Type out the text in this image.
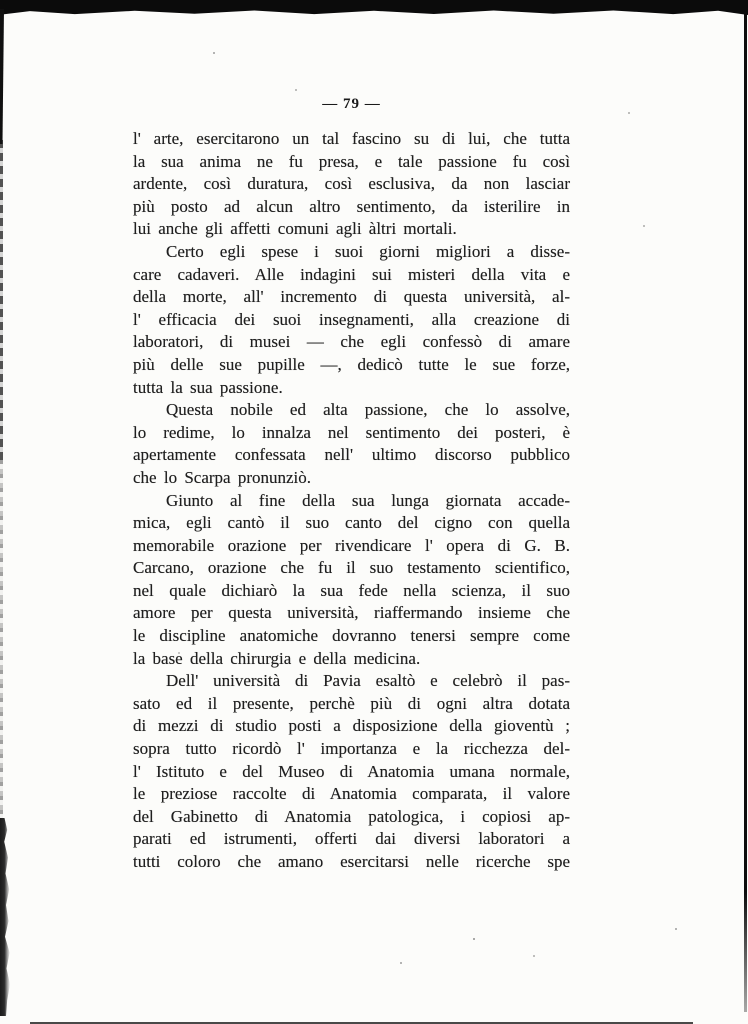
— 79 —
l' arte, esercitarono un tal fascino su di lui, che tutta
la sua anima ne fu presa, e tale passione fu così
ardente, così duratura, così esclusiva, da non lasciar
più posto ad alcun altro sentimento, da isterilire in
lui anche gli affetti comuni agli àltri mortali.
Certo egli spese i suoi giorni migliori a disse-
care cadaveri. Alle indagini sui misteri della vita e
della morte, all' incremento di questa università, al-
l' efficacia dei suoi insegnamenti, alla creazione di
laboratori, di musei — che egli confessò di amare
più delle sue pupille —, dedicò tutte le sue forze,
tutta la sua passione.
Questa nobile ed alta passione, che lo assolve,
lo redime, lo innalza nel sentimento dei posteri, è
apertamente confessata nell' ultimo discorso pubblico
che lo Scarpa pronunziò.
Giunto al fine della sua lunga giornata accade-
mica, egli cantò il suo canto del cigno con quella
memorabile orazione per rivendicare l' opera di G. B.
Carcano, orazione che fu il suo testamento scientifico,
nel quale dichiarò la sua fede nella scienza, il suo
amore per questa università, riaffermando insieme che
le discipline anatomiche dovranno tenersi sempre come
la base della chirurgia e della medicina.
Dell' università di Pavia esaltò e celebrò il pas-
sato ed il presente, perchè più di ogni altra dotata
di mezzi di studio posti a disposizione della gioventù ;
sopra tutto ricordò l' importanza e la ricchezza del-
l' Istituto e del Museo di Anatomia umana normale,
le preziose raccolte di Anatomia comparata, il valore
del Gabinetto di Anatomia patologica, i copiosi ap-
parati ed istrumenti, offerti dai diversi laboratori a
tutti coloro che amano esercitarsi nelle ricerche spe
